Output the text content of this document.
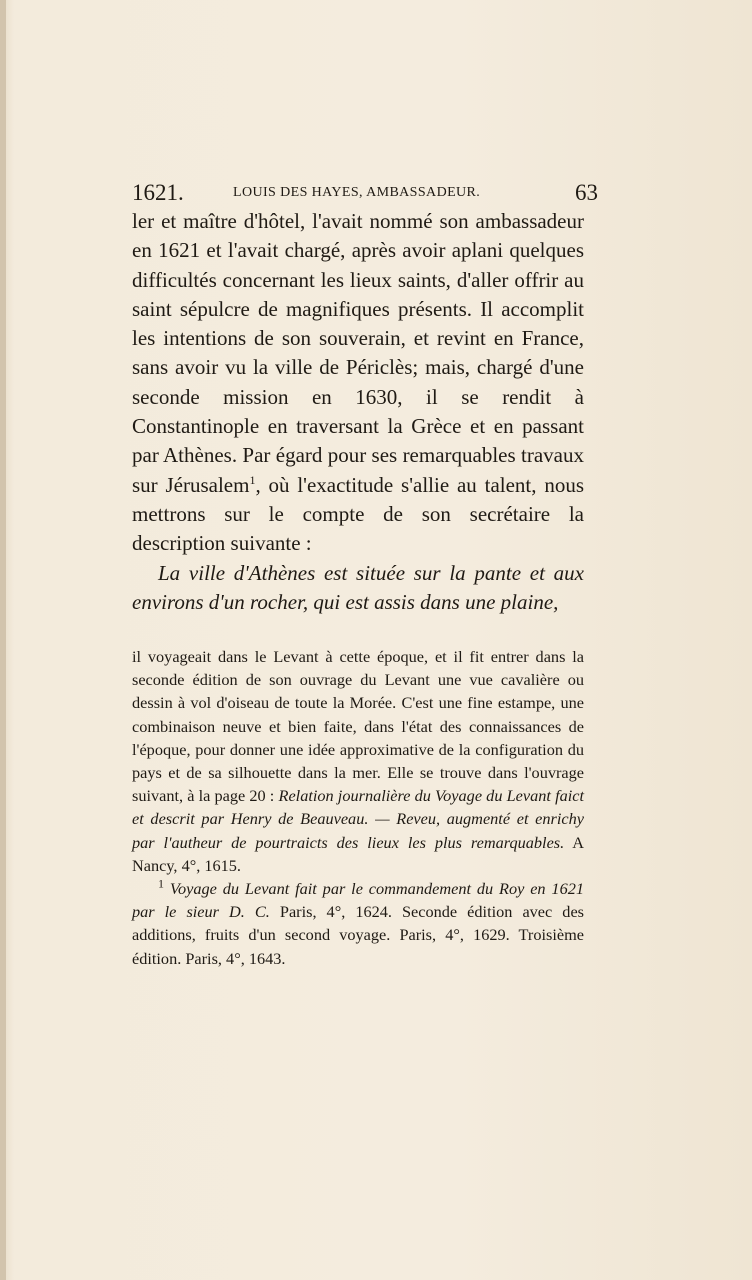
1621.	LOUIS DES HAYES, AMBASSADEUR.	63

ler et maître d'hôtel, l'avait nommé son ambassadeur en 1621 et l'avait chargé, après avoir aplani quelques difficultés concernant les lieux saints, d'aller offrir au saint sépulcre de magnifiques présents. Il accomplit les intentions de son souverain, et revint en France, sans avoir vu la ville de Périclès; mais, chargé d'une seconde mission en 1630, il se rendit à Constantinople en traversant la Grèce et en passant par Athènes. Par égard pour ses remarquables travaux sur Jérusalem$^1$, où l'exactitude s'allie au talent, nous mettrons sur le compte de son secrétaire la description suivante :

La ville d'Athènes est située sur la pante et aux environs d'un rocher, qui est assis dans une plaine,

il voyageait dans le Levant à cette époque, et il fit entrer dans la seconde édition de son ouvrage du Levant une vue cavalière ou dessin à vol d'oiseau de toute la Morée. C'est une fine estampe, une combinaison neuve et bien faite, dans l'état des connaissances de l'époque, pour donner une idée approximative de la configuration du pays et de sa silhouette dans la mer. Elle se trouve dans l'ouvrage suivant, à la page 20 : Relation journalière du Voyage du Levant faict et descrit par Henry de Beauveau. — Reveu, augmenté et enrichy par l'autheur de pourtraicts des lieux les plus remarquables. A Nancy, 4°, 1615.

$^1$ Voyage du Levant fait par le commandement du Roy en 1621 par le sieur D. C. Paris, 4°, 1624. Seconde édition avec des additions, fruits d'un second voyage. Paris, 4°, 1629. Troisième édition. Paris, 4°, 1643.
